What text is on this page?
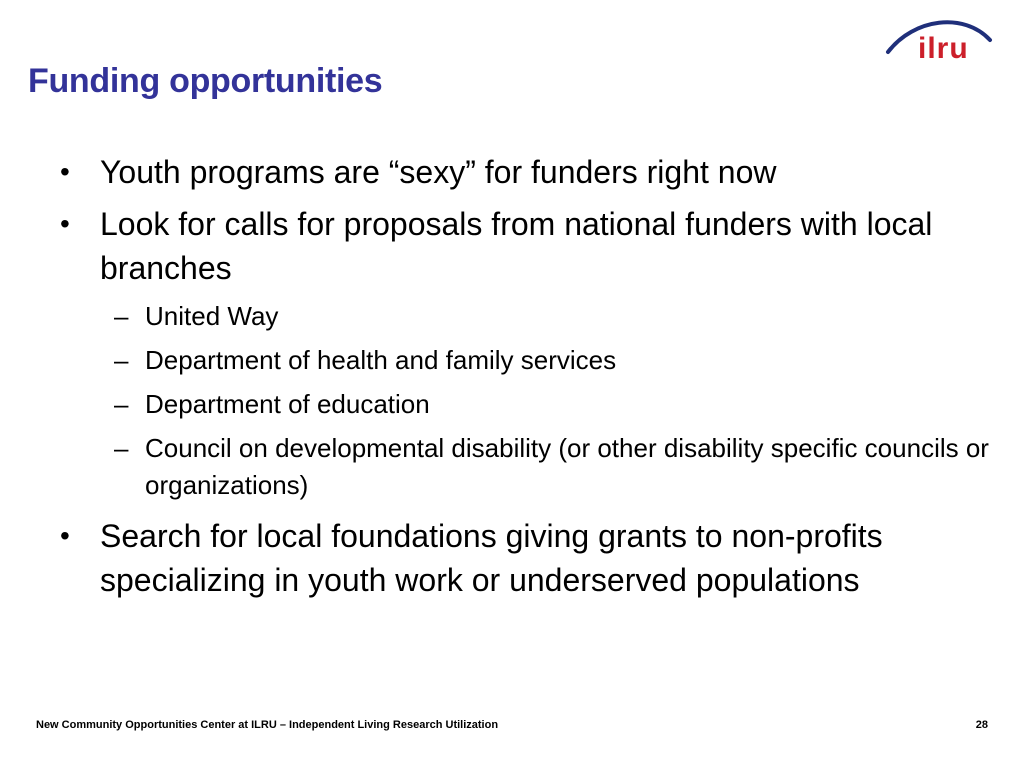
Funding opportunities
ilru
• Youth programs are “sexy” for funders right now
• Look for calls for proposals from national funders with local branches
– United Way
– Department of health and family services
– Department of education
– Council on developmental disability (or other disability specific councils or organizations)
• Search for local foundations giving grants to non-profits specializing in youth work or underserved populations
New Community Opportunities Center at ILRU – Independent Living Research Utilization	28
